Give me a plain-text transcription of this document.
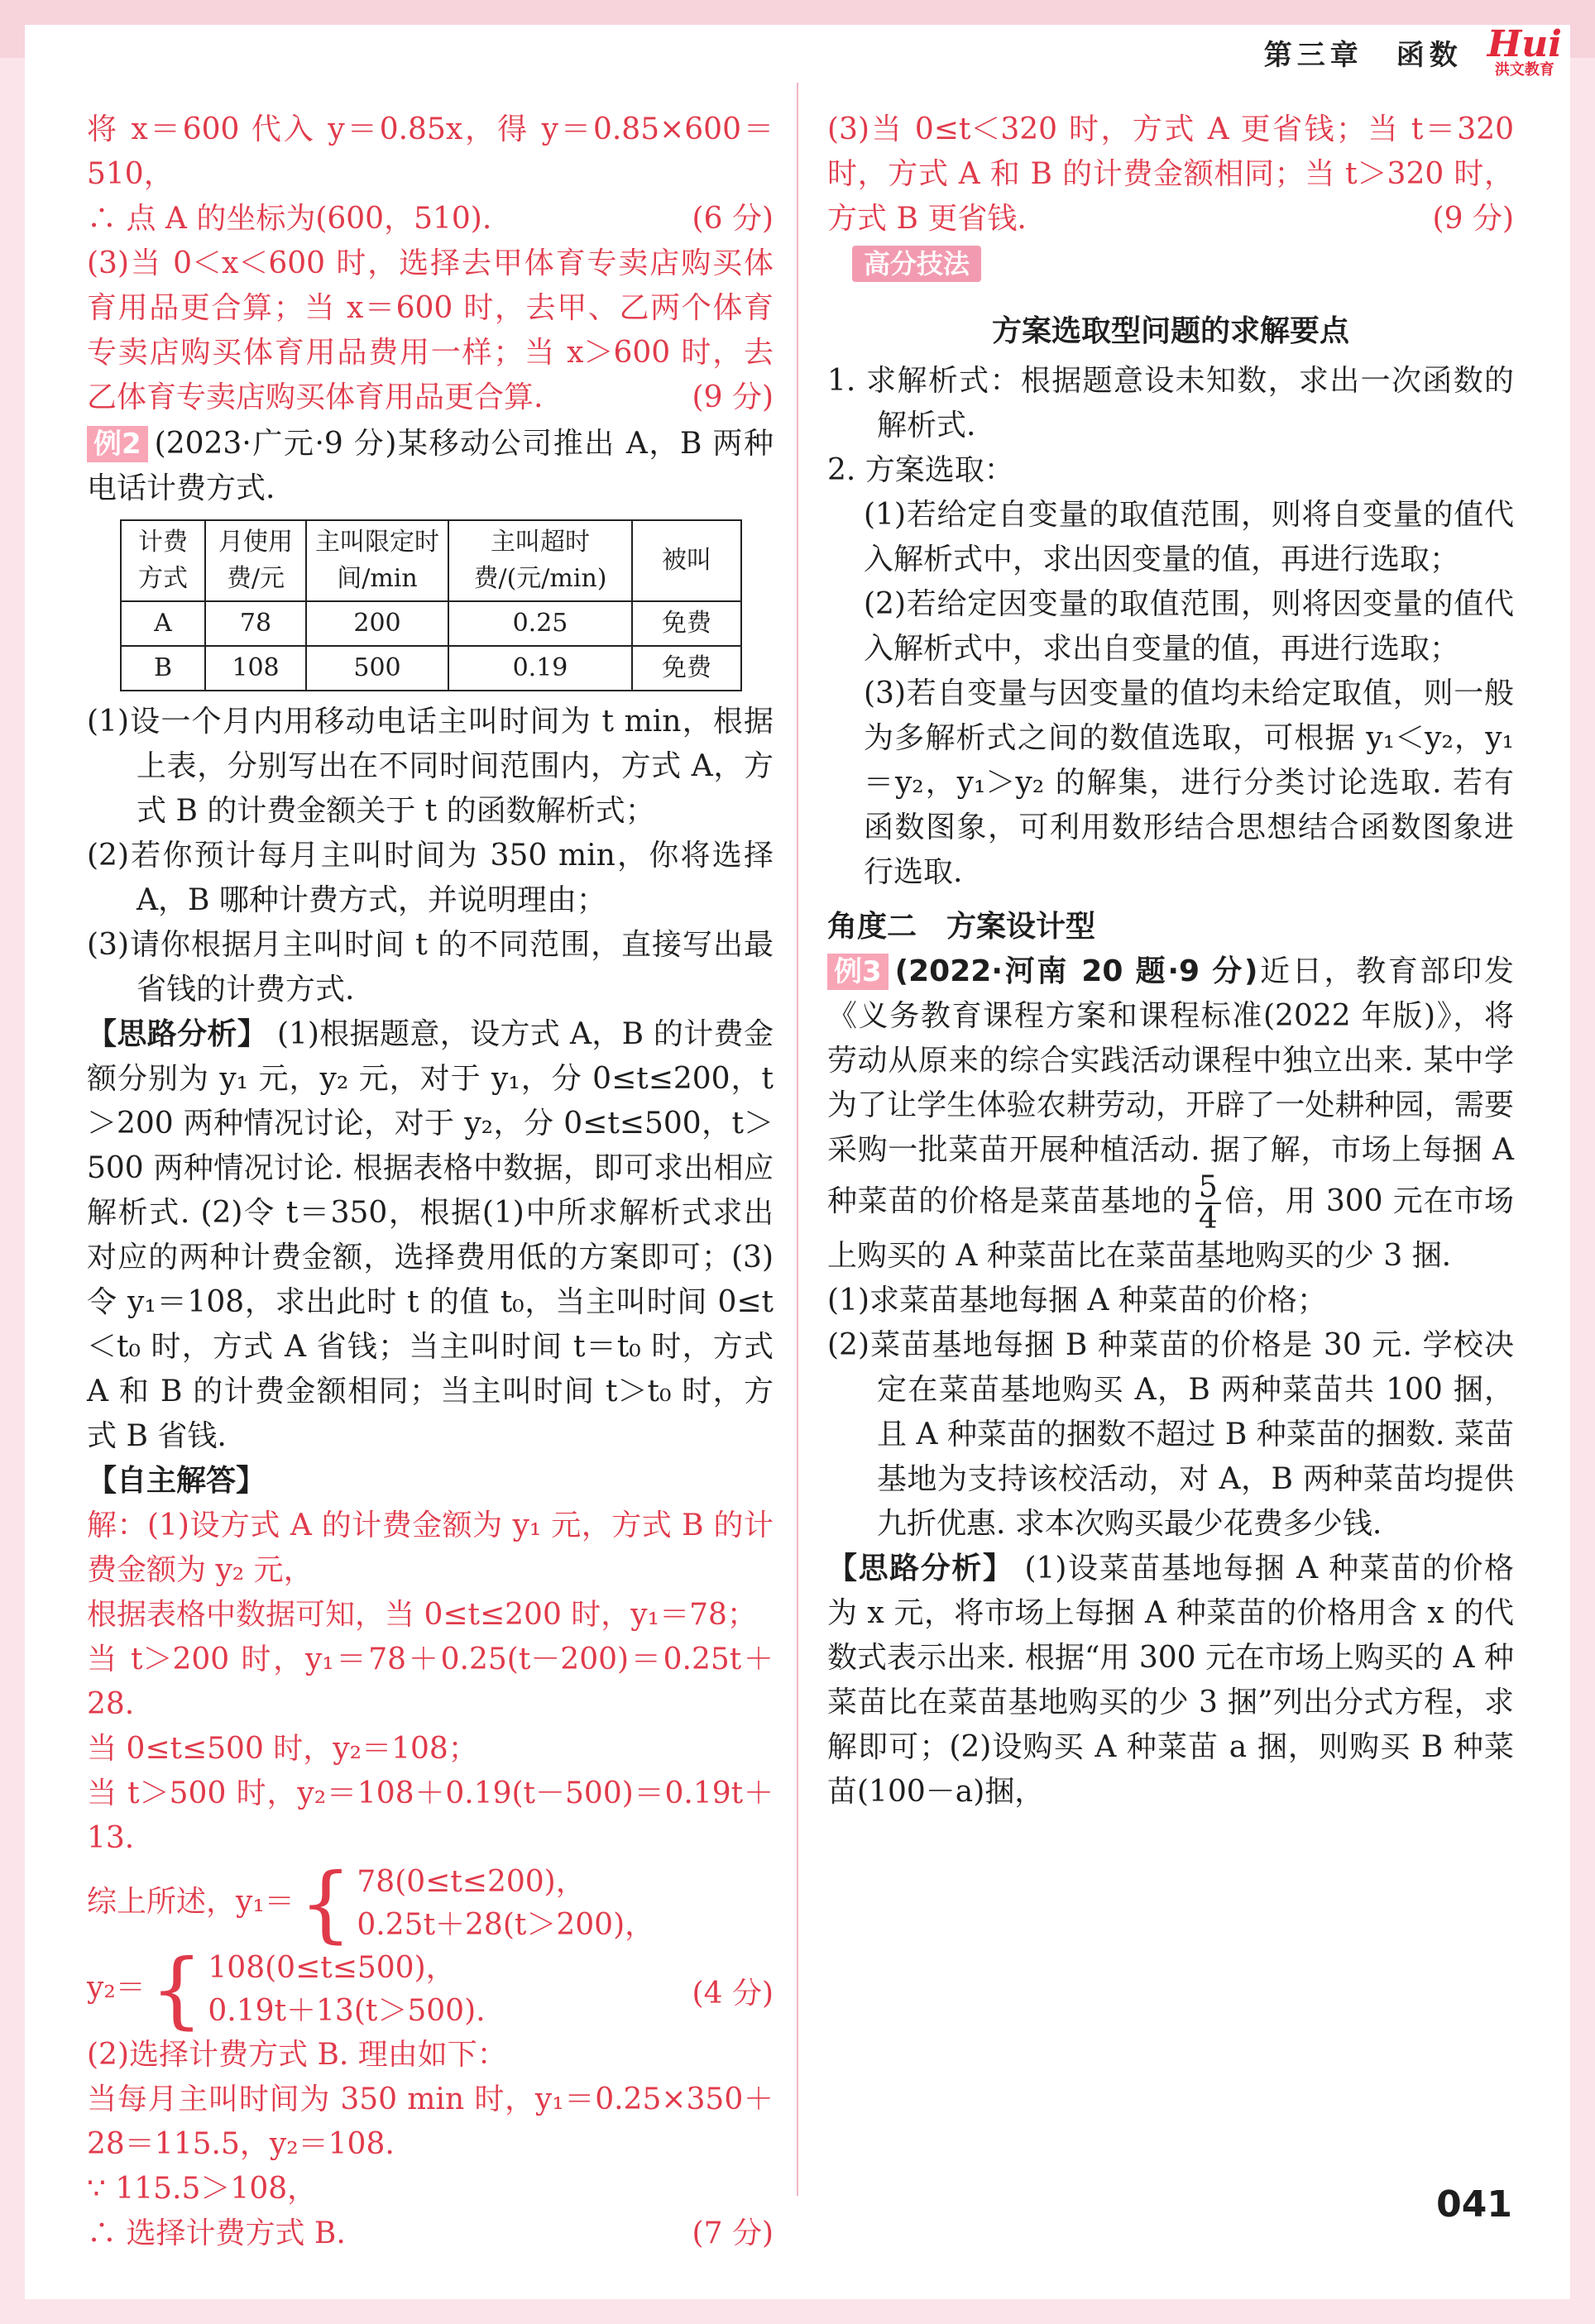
第三章　函数 Hui
洪文教育

将 x＝600 代入 y＝0.85x，得 y＝0.85×600＝510，

∴ 点 A 的坐标为(600，510).	(6 分)

(3)当 0＜x＜600 时，选择去甲体育专卖店购买体育用品更合算；当 x＝600 时，去甲、乙两个体育专卖店购买体育用品费用一样；当 x＞600 时，去乙体育专卖店购买体育用品更合算.	(9 分)

例2 (2023·广元·9 分)某移动公司推出 A，B 两种电话计费方式.

计费方式	月使用费/元	主叫限定时间/min	主叫超时费/(元/min)	被叫
A	78	200	0.25	免费
B	108	500	0.19	免费

(1)设一个月内用移动电话主叫时间为 t min，根据上表，分别写出在不同时间范围内，方式 A，方式 B 的计费金额关于 t 的函数解析式；

(2)若你预计每月主叫时间为 350 min，你将选择 A，B 哪种计费方式，并说明理由；

(3)请你根据月主叫时间 t 的不同范围，直接写出最省钱的计费方式.

【思路分析】 (1)根据题意，设方式 A，B 的计费金额分别为 y₁ 元，y₂ 元，对于 y₁，分 0≤t≤200，t＞200 两种情况讨论，对于 y₂，分 0≤t≤500，t＞500 两种情况讨论. 根据表格中数据，即可求出相应解析式. (2)令 t＝350，根据(1)中所求解析式求出对应的两种计费金额，选择费用低的方案即可；(3)令 y₁＝108，求出此时 t 的值 t₀，当主叫时间 0≤t＜t₀ 时，方式 A 省钱；当主叫时间 t＝t₀ 时，方式 A 和 B 的计费金额相同；当主叫时间 t＞t₀ 时，方式 B 省钱.

【自主解答】

解：(1)设方式 A 的计费金额为 y₁ 元，方式 B 的计费金额为 y₂ 元，

根据表格中数据可知，当 0≤t≤200 时，y₁＝78；

当 t＞200 时，y₁＝78＋0.25(t－200)＝0.25t＋28.

当 0≤t≤500 时，y₂＝108；

当 t＞500 时，y₂＝108＋0.19(t－500)＝0.19t＋13.

综上所述，y₁＝ { 78(0≤t≤200)，
0.25t＋28(t＞200)，
y₂＝ { 108(0≤t≤500)，
0.19t＋13(t＞500).
(4 分)

(2)选择计费方式 B. 理由如下：

当每月主叫时间为 350 min 时，y₁＝0.25×350＋28＝115.5，y₂＝108.

∵ 115.5＞108，

∴ 选择计费方式 B.	(7 分)

(3)当 0≤t＜320 时，方式 A 更省钱；当 t＝320 时，方式 A 和 B 的计费金额相同；当 t＞320 时，方式 B 更省钱.	(9 分)

高分技法

方案选取型问题的求解要点

1. 求解析式：根据题意设未知数，求出一次函数的解析式.

2. 方案选取：

(1)若给定自变量的取值范围，则将自变量的值代入解析式中，求出因变量的值，再进行选取；

(2)若给定因变量的取值范围，则将因变量的值代入解析式中，求出自变量的值，再进行选取；

(3)若自变量与因变量的值均未给定取值，则一般为多解析式之间的数值选取，可根据 y₁＜y₂，y₁＝y₂，y₁＞y₂ 的解集，进行分类讨论选取. 若有函数图象，可利用数形结合思想结合函数图象进行选取.

角度二　方案设计型

例3 (2022·河南 20 题·9 分)近日，教育部印发《义务教育课程方案和课程标准(2022 年版)》，将劳动从原来的综合实践活动课程中独立出来. 某中学为了让学生体验农耕劳动，开辟了一处耕种园，需要采购一批菜苗开展种植活动. 据了解，市场上每捆 A 种菜苗的价格是菜苗基地的 $\frac{5}{4}$ 倍，用 300 元在市场上购买的 A 种菜苗比在菜苗基地购买的少 3 捆.

(1)求菜苗基地每捆 A 种菜苗的价格；

(2)菜苗基地每捆 B 种菜苗的价格是 30 元. 学校决定在菜苗基地购买 A，B 两种菜苗共 100 捆，且 A 种菜苗的捆数不超过 B 种菜苗的捆数. 菜苗基地为支持该校活动，对 A，B 两种菜苗均提供九折优惠. 求本次购买最少花费多少钱.

【思路分析】 (1)设菜苗基地每捆 A 种菜苗的价格为 x 元，将市场上每捆 A 种菜苗的价格用含 x 的代数式表示出来. 根据“用 300 元在市场上购买的 A 种菜苗比在菜苗基地购买的少 3 捆”列出分式方程，求解即可；(2)设购买 A 种菜苗 a 捆，则购买 B 种菜苗(100－a)捆，

041
